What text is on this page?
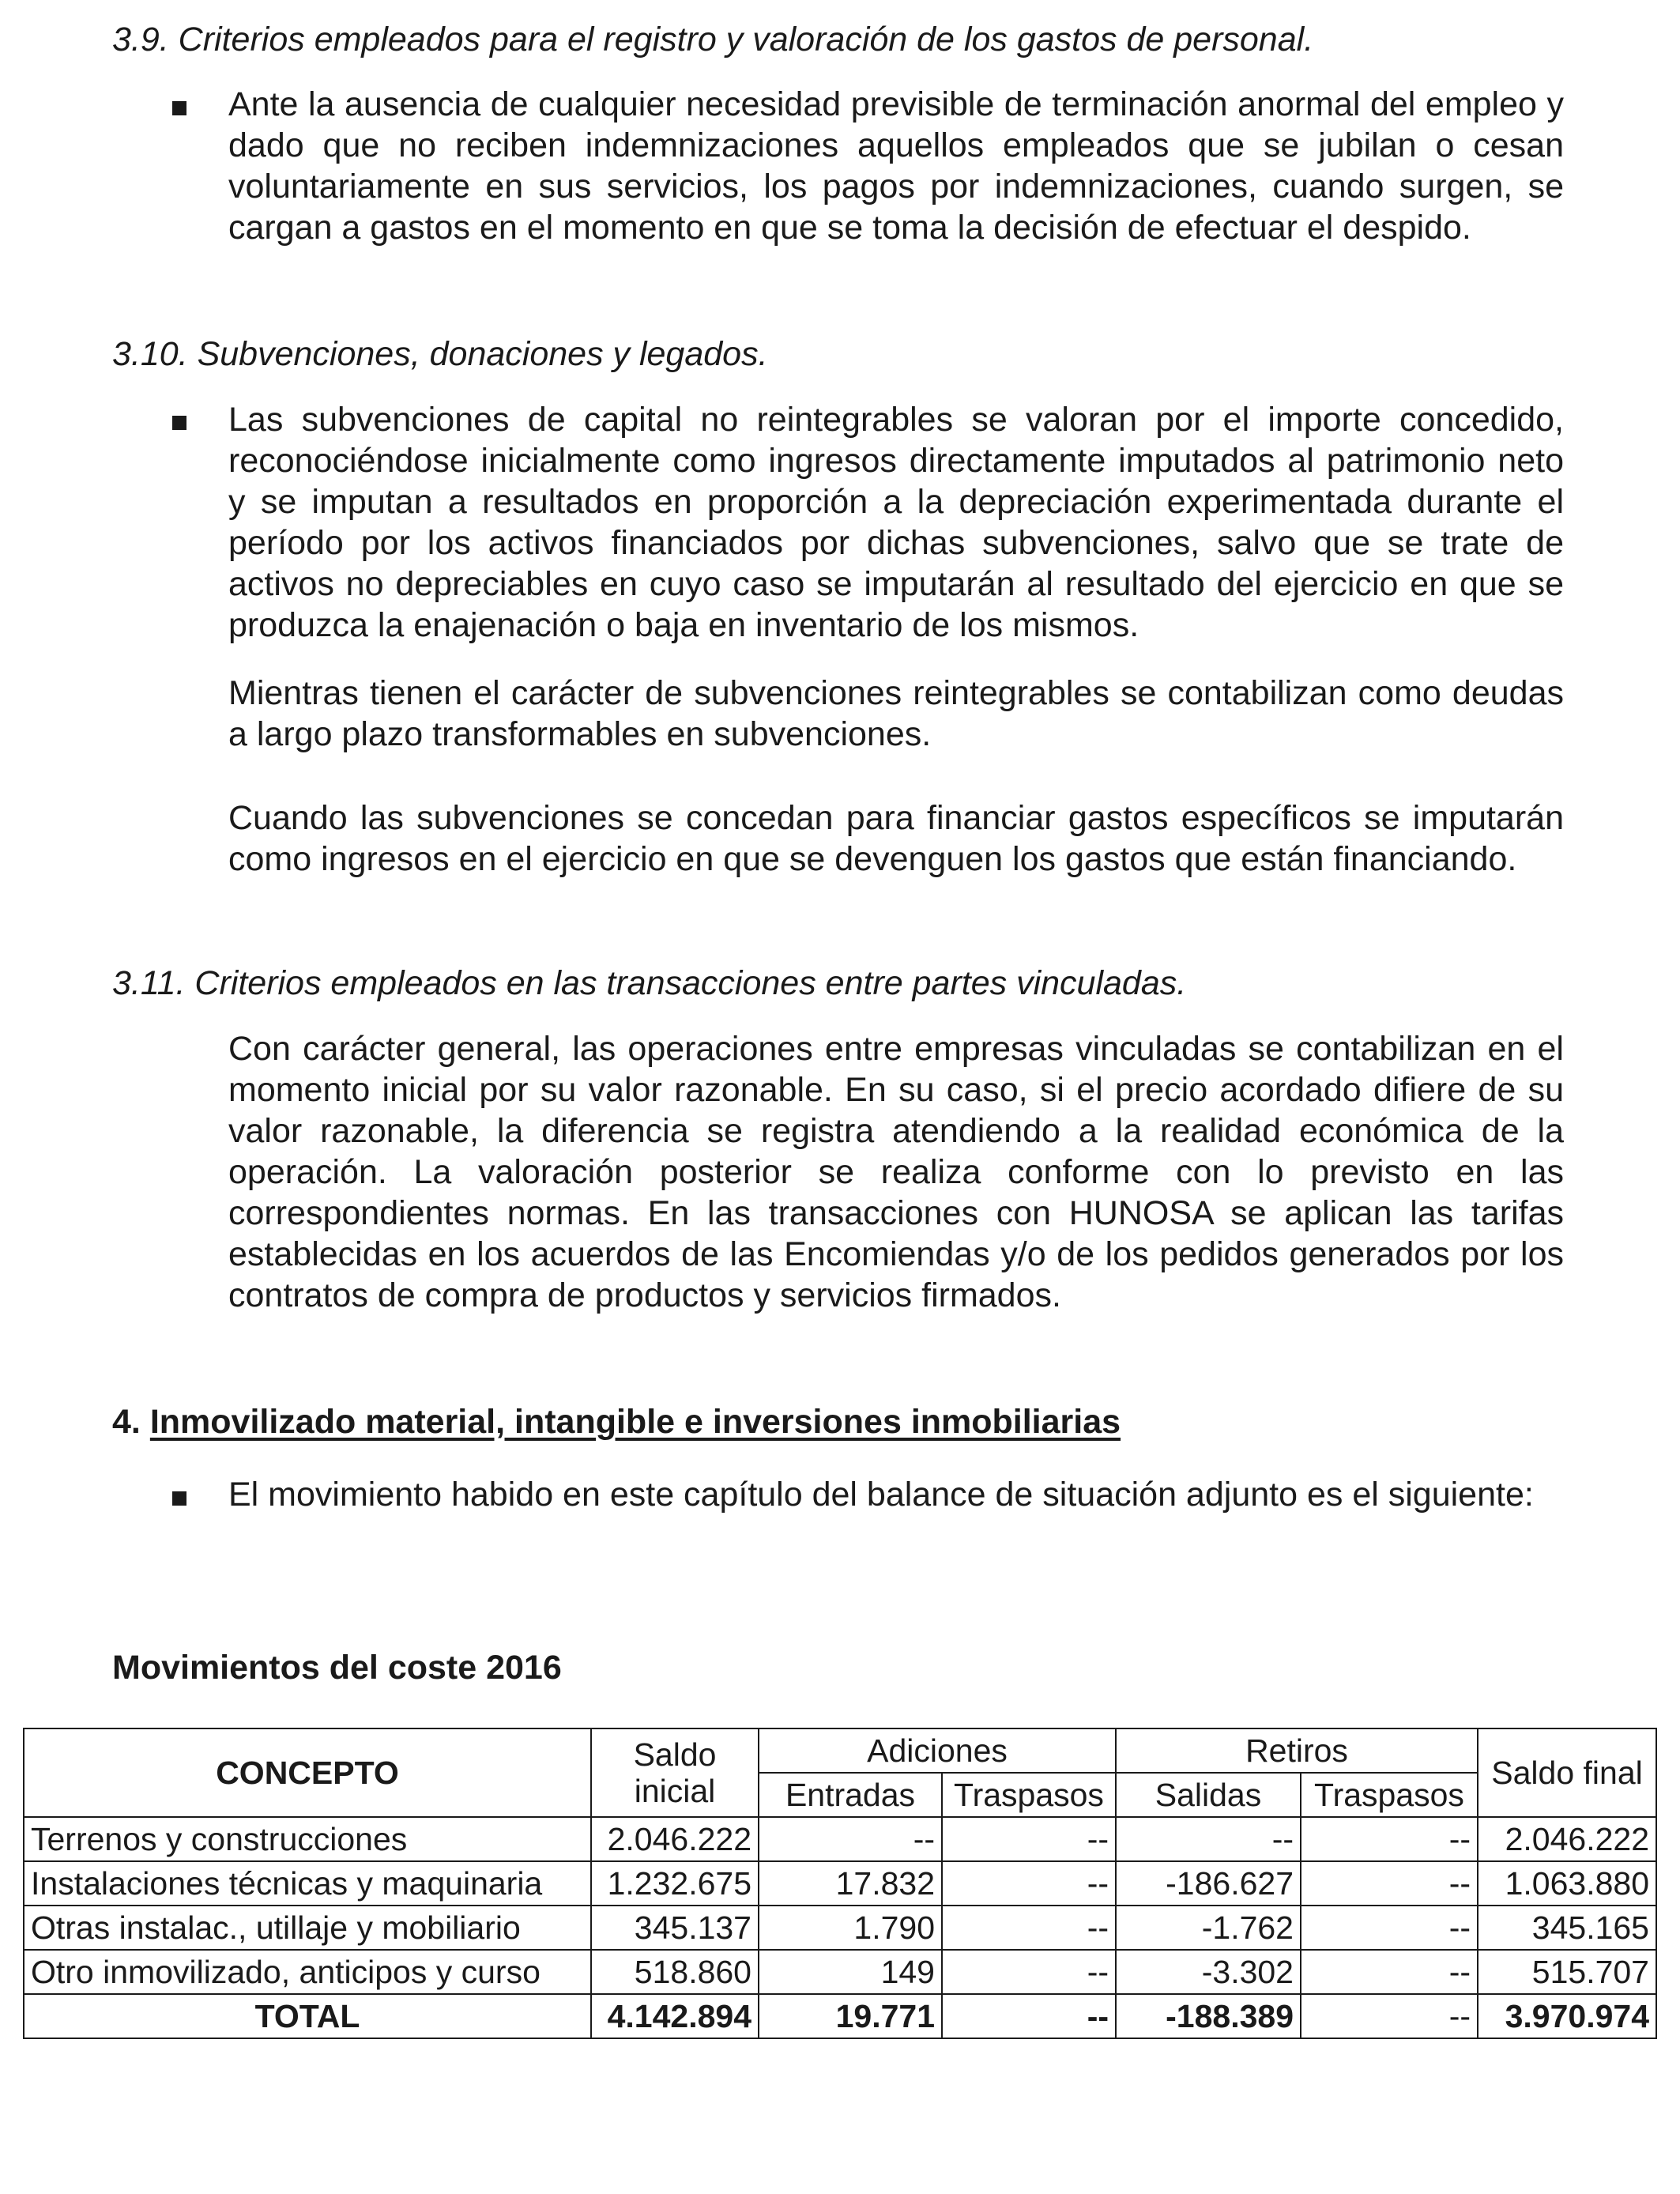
3.9. Criterios empleados para el registro y valoración de los gastos de personal.
Ante la ausencia de cualquier necesidad previsible de terminación anormal del empleo y dado que no reciben indemnizaciones aquellos empleados que se jubilan o cesan voluntariamente en sus servicios, los pagos por indemnizaciones, cuando surgen, se cargan a gastos en el momento en que se toma la decisión de efectuar el despido.
3.10. Subvenciones, donaciones y legados.
Las subvenciones de capital no reintegrables se valoran por el importe concedido, reconociéndose inicialmente como ingresos directamente imputados al patrimonio neto y se imputan a resultados en proporción a la depreciación experimentada durante el período por los activos financiados por dichas subvenciones, salvo que se trate de activos no depreciables en cuyo caso se imputarán al resultado del ejercicio en que se produzca la enajenación o baja en inventario de los mismos.
Mientras tienen el carácter de subvenciones reintegrables se contabilizan como deudas a largo plazo transformables en subvenciones.
Cuando las subvenciones se concedan para financiar gastos específicos se imputarán como ingresos en el ejercicio en que se devenguen los gastos que están financiando.
3.11. Criterios empleados en las transacciones entre partes vinculadas.
Con carácter general, las operaciones entre empresas vinculadas se contabilizan en el momento inicial por su valor razonable. En su caso, si el precio acordado difiere de su valor razonable, la diferencia se registra atendiendo a la realidad económica de la operación. La valoración posterior se realiza conforme con lo previsto en las correspondientes normas. En las transacciones con HUNOSA se aplican las tarifas establecidas en los acuerdos de las Encomiendas y/o de los pedidos generados por los contratos de compra de productos y servicios firmados.
4. Inmovilizado material, intangible e inversiones inmobiliarias
El movimiento habido en este capítulo del balance de situación adjunto es el siguiente:
Movimientos del coste 2016
CONCEPTO	Saldo inicial	Adiciones		Retiros		Saldo final
		Entradas	Traspasos	Salidas	Traspasos	
Terrenos y construcciones	2.046.222	--	--	--	--	2.046.222
Instalaciones técnicas y maquinaria	1.232.675	17.832	--	-186.627	--	1.063.880
Otras instalac., utillaje y mobiliario	345.137	1.790	--	-1.762	--	345.165
Otro inmovilizado, anticipos y curso	518.860	149	--	-3.302	--	515.707
TOTAL	4.142.894	19.771	--	-188.389	--	3.970.974
